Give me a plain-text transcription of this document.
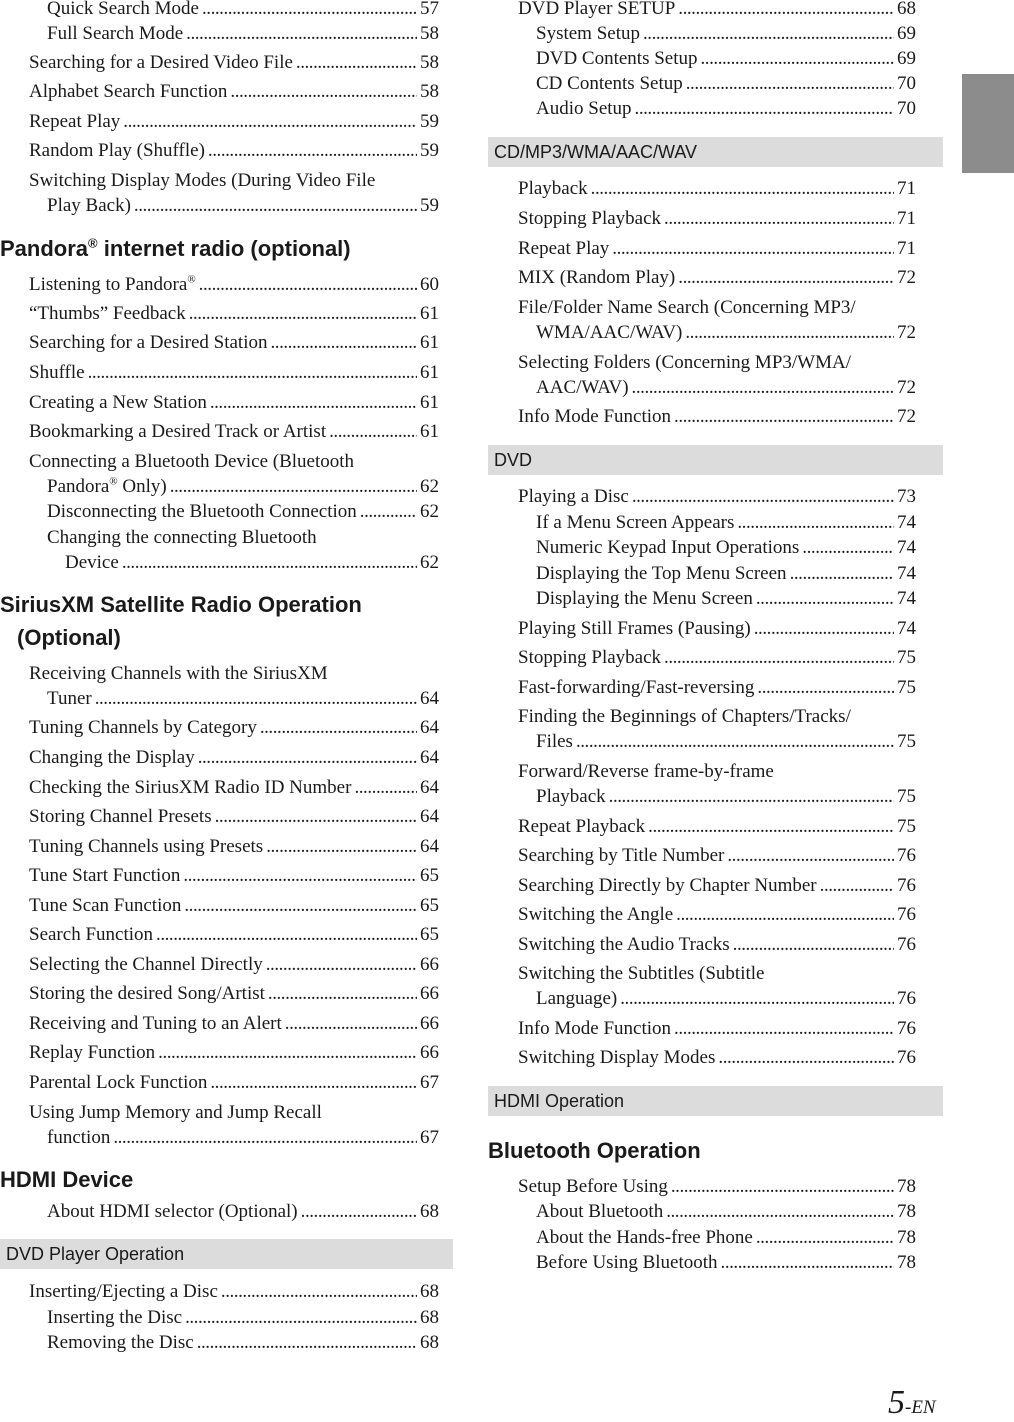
Quick Search Mode . . .	57
Full Search Mode . . .	58
Searching for a Desired Video File . . .	58
Alphabet Search Function . . .	58
Repeat Play . . .	59
Random Play (Shuffle) . . .	59
Switching Display Modes (During Video File
Play Back) . . .	59
Pandora® internet radio (optional)
Listening to Pandora® . . .	60
“Thumbs” Feedback . . .	61
Searching for a Desired Station . . .	61
Shuffle . . .	61
Creating a New Station . . .	61
Bookmarking a Desired Track or Artist . . .	61
Connecting a Bluetooth Device (Bluetooth
Pandora® Only) . . .	62
Disconnecting the Bluetooth Connection . . .	62
Changing the connecting Bluetooth
Device . . .	62
SiriusXM Satellite Radio Operation
(Optional)
Receiving Channels with the SiriusXM
Tuner . . .	64
Tuning Channels by Category . . .	64
Changing the Display . . .	64
Checking the SiriusXM Radio ID Number . . .	64
Storing Channel Presets . . .	64
Tuning Channels using Presets . . .	64
Tune Start Function . . .	65
Tune Scan Function . . .	65
Search Function . . .	65
Selecting the Channel Directly . . .	66
Storing the desired Song/Artist . . .	66
Receiving and Tuning to an Alert . . .	66
Replay Function . . .	66
Parental Lock Function . . .	67
Using Jump Memory and Jump Recall
function . . .	67
HDMI Device
About HDMI selector (Optional) . . .	68
DVD Player Operation
Inserting/Ejecting a Disc . . .	68
Inserting the Disc . . .	68
Removing the Disc . . .	68
DVD Player SETUP . . .	68
System Setup . . .	69
DVD Contents Setup . . .	69
CD Contents Setup . . .	70
Audio Setup . . .	70
CD/MP3/WMA/AAC/WAV
Playback . . .	71
Stopping Playback . . .	71
Repeat Play . . .	71
MIX (Random Play) . . .	72
File/Folder Name Search (Concerning MP3/
WMA/AAC/WAV) . . .	72
Selecting Folders (Concerning MP3/WMA/
AAC/WAV) . . .	72
Info Mode Function . . .	72
DVD
Playing a Disc . . .	73
If a Menu Screen Appears . . .	74
Numeric Keypad Input Operations . . .	74
Displaying the Top Menu Screen . . .	74
Displaying the Menu Screen . . .	74
Playing Still Frames (Pausing) . . .	74
Stopping Playback . . .	75
Fast-forwarding/Fast-reversing . . .	75
Finding the Beginnings of Chapters/Tracks/
Files . . .	75
Forward/Reverse frame-by-frame
Playback . . .	75
Repeat Playback . . .	75
Searching by Title Number . . .	76
Searching Directly by Chapter Number . . .	76
Switching the Angle . . .	76
Switching the Audio Tracks . . .	76
Switching the Subtitles (Subtitle
Language) . . .	76
Info Mode Function . . .	76
Switching Display Modes . . .	76
HDMI Operation
Bluetooth Operation
Setup Before Using . . .	78
About Bluetooth . . .	78
About the Hands-free Phone . . .	78
Before Using Bluetooth . . .	78
5-EN
